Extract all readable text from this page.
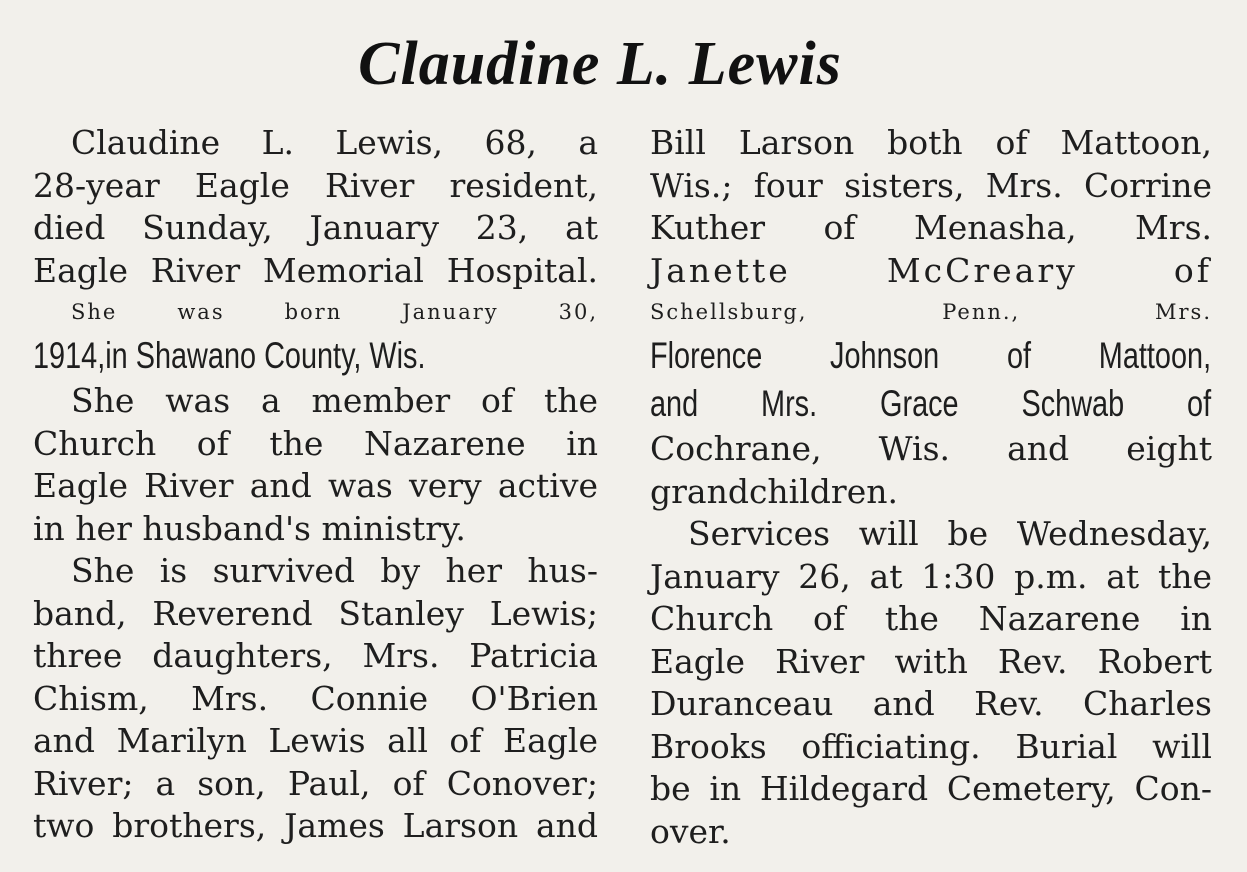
Claudine L. Lewis
Claudine L. Lewis, 68, a
28-year Eagle River resident,
died Sunday, January 23, at
Eagle River Memorial Hospital.
She was born January 30,
1914,in Shawano County, Wis.
She was a member of the
Church of the Nazarene in
Eagle River and was very active
in her husband's ministry.
She is survived by her hus-
band, Reverend Stanley Lewis;
three daughters, Mrs. Patricia
Chism, Mrs. Connie O'Brien
and Marilyn Lewis all of Eagle
River; a son, Paul, of Conover;
two brothers, James Larson and
Bill Larson both of Mattoon,
Wis.; four sisters, Mrs. Corrine
Kuther of Menasha, Mrs.
Janette McCreary of
Schellsburg, Penn., Mrs.
Florence Johnson of Mattoon,
and Mrs. Grace Schwab of
Cochrane, Wis. and eight
grandchildren.
Services will be Wednesday,
January 26, at 1:30 p.m. at the
Church of the Nazarene in
Eagle River with Rev. Robert
Duranceau and Rev. Charles
Brooks officiating. Burial will
be in Hildegard Cemetery, Con-
over.
